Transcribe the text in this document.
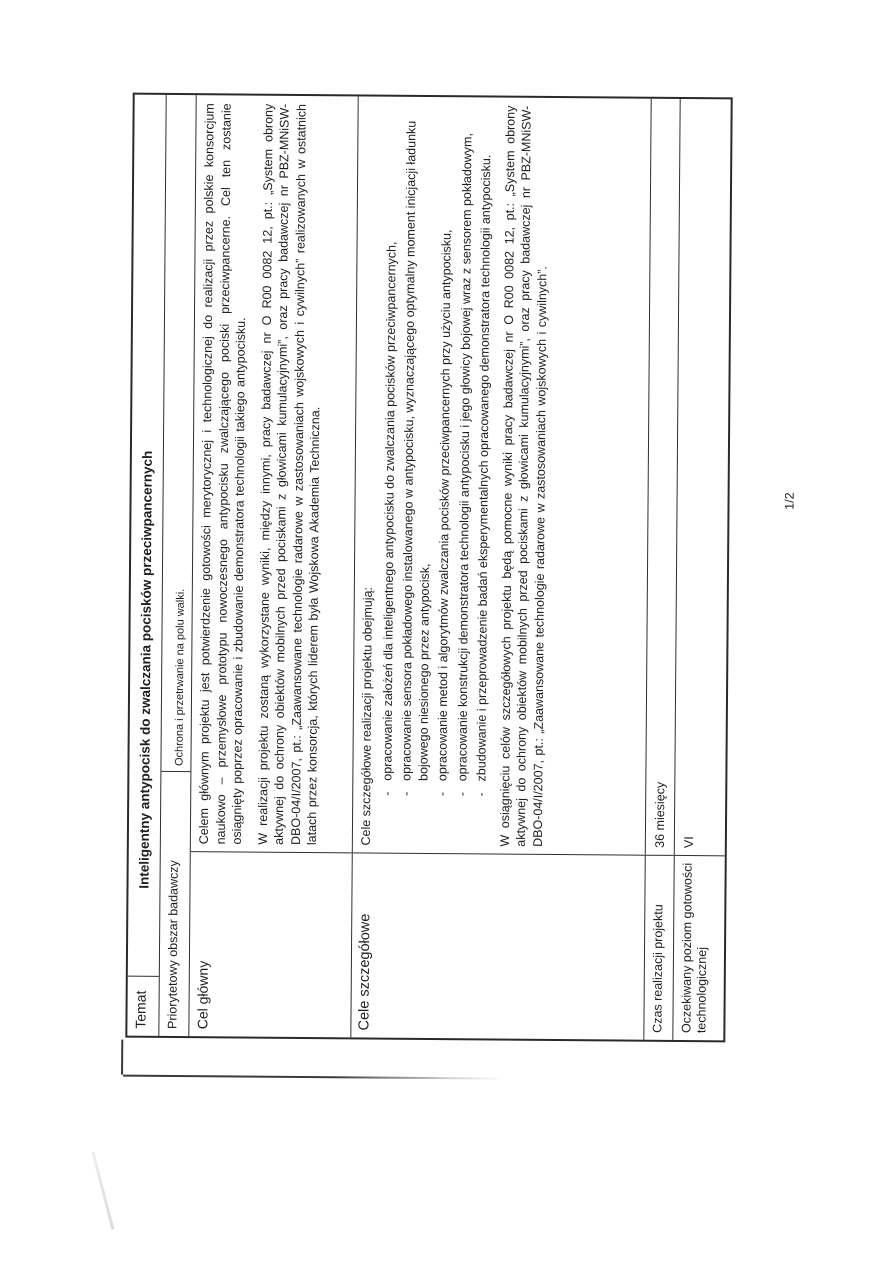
Temat
Inteligentny antypocisk do zwalczania pocisków przeciwpancernych
Priorytetowy obszar badawczy
Ochrona i przetrwanie na polu walki.
Cel główny

Celem głównym projektu jest potwierdzenie gotowości merytorycznej i technologicznej do realizacji przez polskie konsorcjum naukowo – przemysłowe prototypu nowoczesnego antypocisku zwalczającego pociski przeciwpancerne. Cel ten zostanie osiągnięty poprzez opracowanie i zbudowanie demonstratora technologii takiego antypocisku. W realizacji projektu zostaną wykorzystane wyniki, między innymi, pracy badawczej nr O R00 0082 12, pt.: „System obrony aktywnej do ochrony obiektów mobilnych przed pociskami z głowicami kumulacyjnymi”, oraz pracy badawczej nr PBZ-MNiSW-DBO-04/I/2007, pt.: „Zaawansowane technologie radarowe w zastosowaniach wojskowych i cywilnych” realizowanych w ostatnich latach przez konsorcja, których liderem była Wojskowa Akademia Techniczna.

Cele szczegółowe

Cele szczegółowe realizacji projektu obejmują: -
opracowanie założeń dla inteligentnego antypocisku do zwalczania pocisków przeciwpancernych,
-
opracowanie sensora pokładowego instalowanego w antypocisku, wyznaczającego optymalny moment inicjacji ładunku bojowego niesionego przez antypocisk,
-
opracowanie metod i algorytmów zwalczania pocisków przeciwpancernych przy użyciu antypocisku,
-
opracowanie konstrukcji demonstratora technologii antypocisku i jego głowicy bojowej wraz z sensorem pokładowym,
-
zbudowanie i przeprowadzenie badań eksperymentalnych opracowanego demonstratora technologii antypocisku. W osiągnięciu celów szczegółowych projektu będą pomocne wyniki pracy badawczej nr O R00 0082 12, pt.: „System obrony aktywnej do ochrony obiektów mobilnych przed pociskami z głowicami kumulacyjnymi”, oraz pracy badawczej nr PBZ-MNiSW-DBO-04/I/2007, pt.: „Zaawansowane technologie radarowe w zastosowaniach wojskowych i cywilnych”.

Czas realizacji projektu
36 miesięcy
Oczekiwany poziom gotowości technologicznej
VI
1/2
